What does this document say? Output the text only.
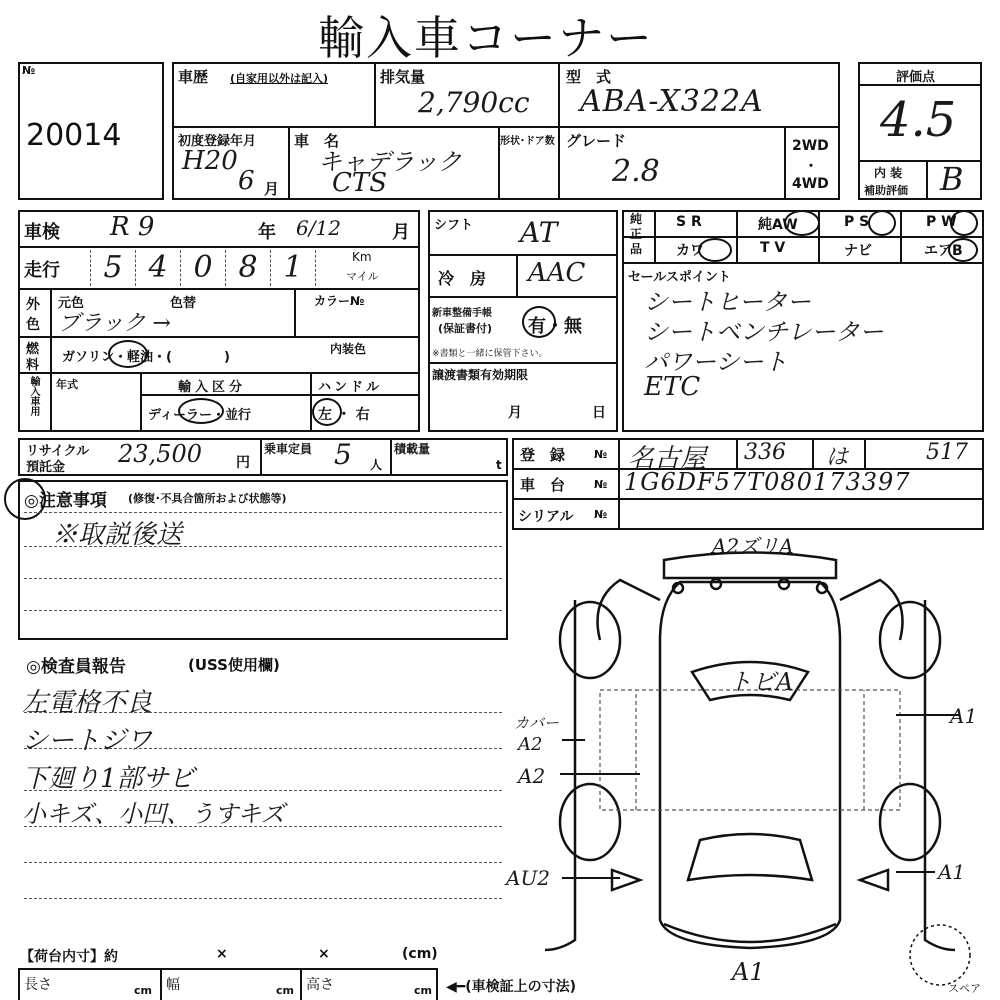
輸入車コーナー
№
20014
車歴 (自家用以外は記入)	排気量
2,790cc
型　式
ABA-X322A
初度登録年月
H20
6 月
車　名
キャデラック
CTS
形状･ドア数 グレード
2.8
2WD
・
4WD
評価点
4.5
内 装
補助評価 B
車検 R 9	年 6/12	月
走行	5 4 0 8 1	Km
マイル
外
色
元色	色替
ブラック →
カラー№
燃
料
ガソリン・軽油・(　　　　)
内装色
輸入車用 年式	輸入区分
ディーラー・並行
ハンドル
左 ・ 右
シフト AT
冷　房 AAC
新車整備手帳
(保証書付) 有・無
※書類と一緒に保管下さい。
譲渡書類有効期限
月	日
純正品
S R	純AW	P S	P W
カワ	T V	ナビ	エアB
セールスポイント
シートヒーター
シートベンチレーター
パワーシート
ETC
リサイクル
預託金 23,500 円
乗車定員 5 人
積載量
t
登　録	№ 名古屋 336 は	517
車　台	№ 1G6DF57T080173397
シリアル №
◎注意事項 (修復･不具合箇所および状態等)
※取説後送
◎検査員報告	(USS使用欄)
左電格不良
シートジワ
下廻り1部サビ
小キズ、小凹、うすキズ
A2ズリA
トビA
カバー
A2
A2
AU2
A1
A1
A1
スペア
【荷台内寸】約	×	×	(cm)
長さ	cm 幅	cm 高さ	cm ◀━(車検証上の寸法)
